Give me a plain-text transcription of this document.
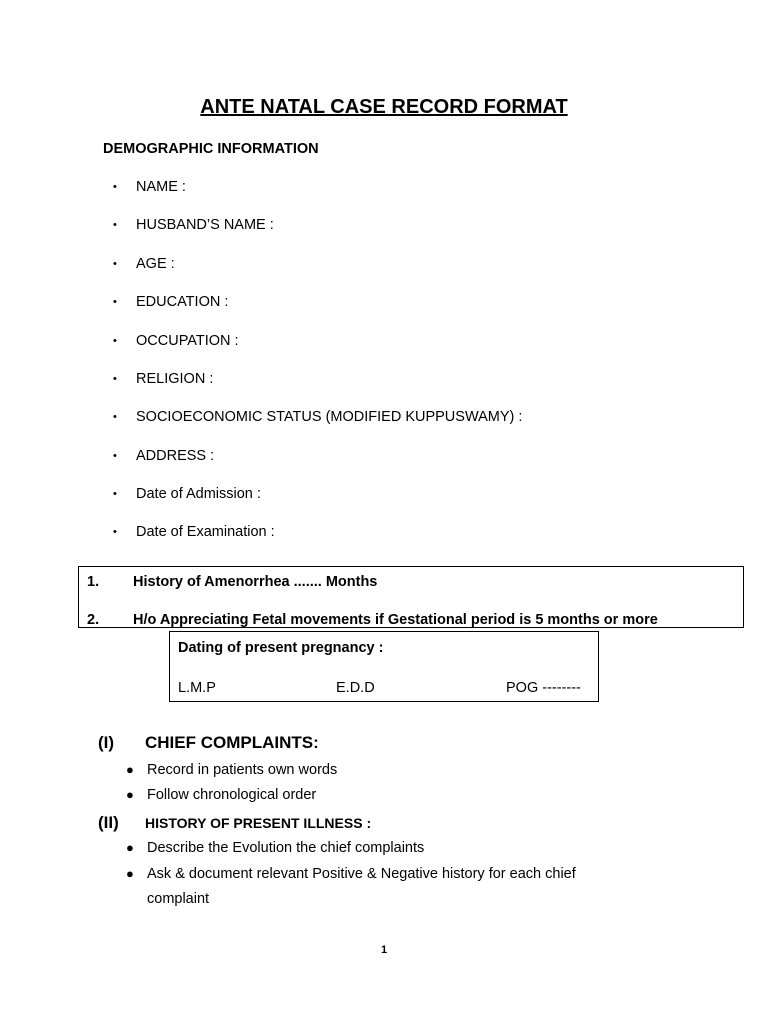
ANTE NATAL CASE RECORD FORMAT
DEMOGRAPHIC INFORMATION
• NAME :
• HUSBAND’S NAME :
• AGE :
• EDUCATION :
• OCCUPATION :
• RELIGION :
• SOCIOECONOMIC STATUS (MODIFIED KUPPUSWAMY) :
• ADDRESS :
• Date of Admission :
• Date of Examination :
1. History of Amenorrhea ....... Months
2. H/o Appreciating Fetal movements if Gestational period is 5 months or more
Dating of present pregnancy :
L.M.P	E.D.D	POG --------
(I) CHIEF COMPLAINTS:
● Record in patients own words
● Follow chronological order
(II) HISTORY OF PRESENT ILLNESS :
● Describe the Evolution the chief complaints
● Ask & document relevant Positive & Negative history for each chief
complaint
1
